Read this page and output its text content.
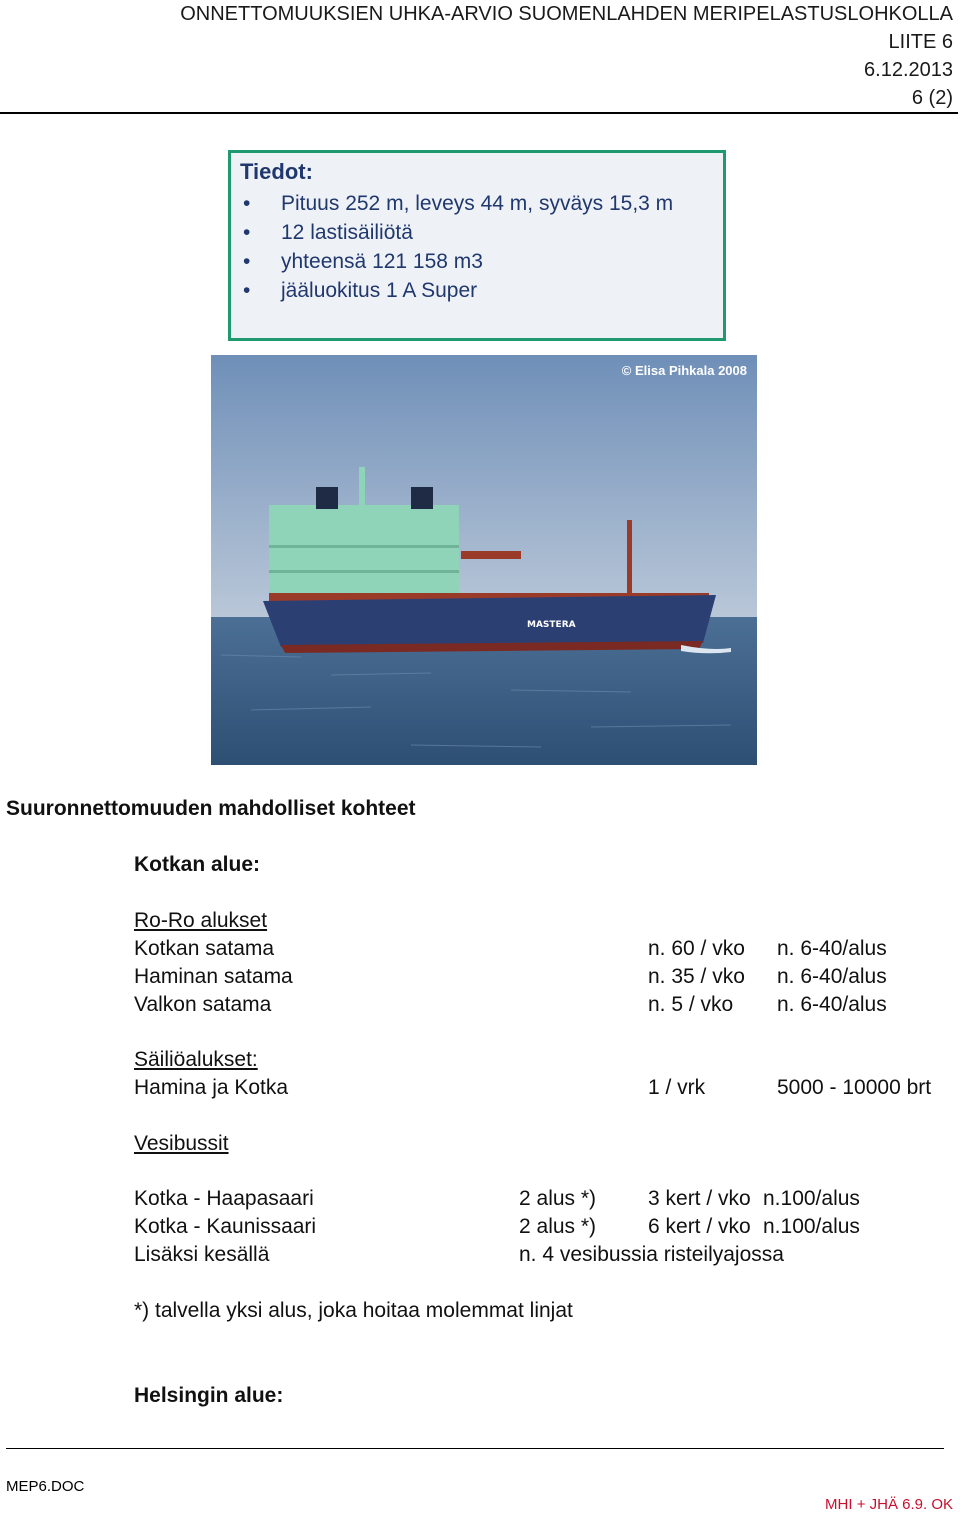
ONNETTOMUUKSIEN UHKA-ARVIO SUOMENLAHDEN MERIPELASTUSLOHKOLLA
LIITE 6
6.12.2013
6 (2)
Tiedot:
• Pituus 252 m, leveys 44 m, syväys 15,3 m
• 12 lastisäiliötä
• yhteensä 121 158 m3
• jääluokitus 1 A Super
MASTERA
© Elisa Pihkala 2008
Suuronnettomuuden mahdolliset kohteet
Kotkan alue:
Ro-Ro alukset
Kotkan satama	n. 60 / vko n. 6-40/alus
Haminan satama	n. 35 / vko n. 6-40/alus
Valkon satama	n. 5 / vko n. 6-40/alus
Säiliöalukset:
Hamina ja Kotka	1 / vrk	5000 - 10000 brt
Vesibussit
Kotka - Haapasaari	2 alus *) 3 kert / vko n.100/alus
Kotka - Kaunissaari	2 alus *) 6 kert / vko n.100/alus
Lisäksi kesällä	n. 4 vesibussia risteilyajossa
*) talvella yksi alus, joka hoitaa molemmat linjat
Helsingin alue:
MEP6.DOC
MHI + JHÄ 6.9. OK
